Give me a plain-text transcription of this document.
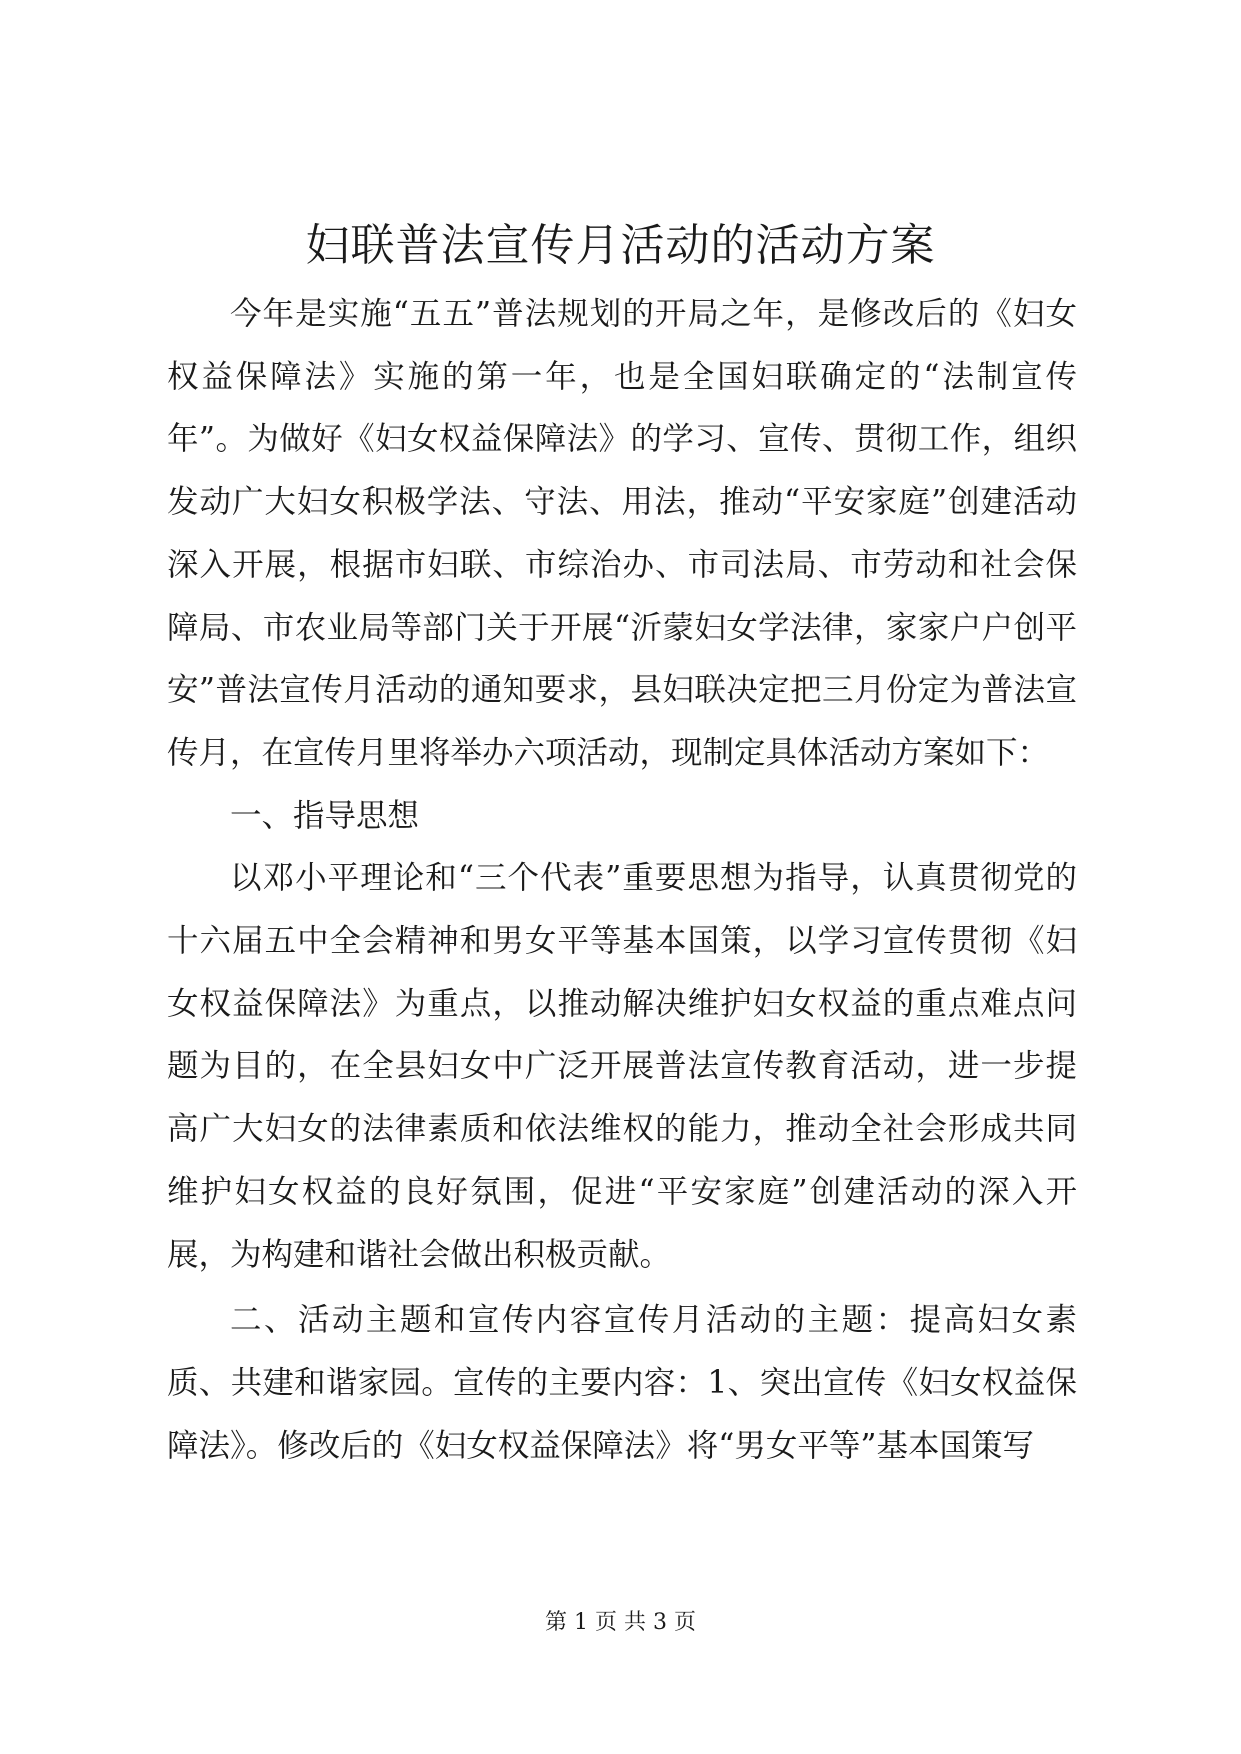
妇联普法宣传月活动的活动方案

今年是实施“五五”普法规划的开局之年，是修改后的《妇女权益保障法》实施的第一年，也是全国妇联确定的“法制宣传年”。为做好《妇女权益保障法》的学习、宣传、贯彻工作，组织发动广大妇女积极学法、守法、用法，推动“平安家庭”创建活动深入开展，根据市妇联、市综治办、市司法局、市劳动和社会保障局、市农业局等部门关于开展“沂蒙妇女学法律，家家户户创平安”普法宣传月活动的通知要求，县妇联决定把三月份定为普法宣传月，在宣传月里将举办六项活动，现制定具体活动方案如下：

一、指导思想

以邓小平理论和“三个代表”重要思想为指导，认真贯彻党的十六届五中全会精神和男女平等基本国策，以学习宣传贯彻《妇女权益保障法》为重点，以推动解决维护妇女权益的重点难点问题为目的，在全县妇女中广泛开展普法宣传教育活动，进一步提高广大妇女的法律素质和依法维权的能力，推动全社会形成共同维护妇女权益的良好氛围，促进“平安家庭”创建活动的深入开展，为构建和谐社会做出积极贡献。

二、活动主题和宣传内容宣传月活动的主题：提高妇女素质、共建和谐家园。宣传的主要内容：1、突出宣传《妇女权益保障法》。修改后的《妇女权益保障法》将“男女平等”基本国策写

第 1 页 共 3 页
